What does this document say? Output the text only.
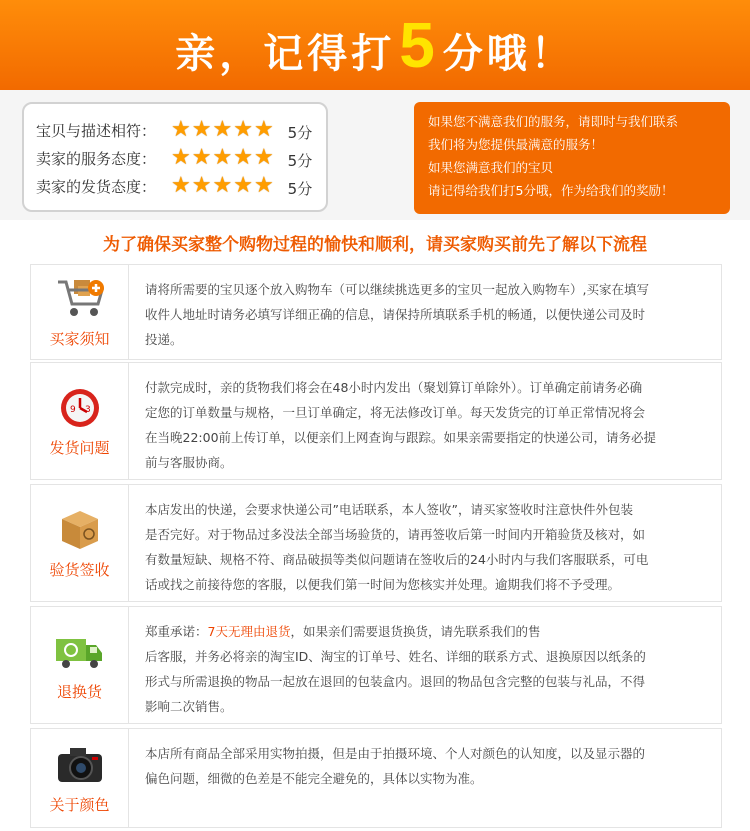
亲，记得打 5 分哦！
宝贝与描述相符： ★ ★ ★ ★ ★ 5分
卖家的服务态度： ★ ★ ★ ★ ★ 5分
卖家的发货态度： ★ ★ ★ ★ ★ 5分
如果您不满意我们的服务，请即时与我们联系
我们将为您提供最满意的服务！
如果您满意我们的宝贝
请记得给我们打5分哦，作为给我们的奖励！
为了确保买家整个购物过程的愉快和顺利，请买家购买前先了解以下流程
买家须知
请将所需要的宝贝逐个放入购物车（可以继续挑选更多的宝贝一起放入购物车）,买家在填写
收件人地址时请务必填写详细正确的信息，请保持所填联系手机的畅通，以便快递公司及时
投递。
9 3
发货问题
付款完成时，亲的货物我们将会在48小时内发出（聚划算订单除外）。订单确定前请务必确
定您的订单数量与规格，一旦订单确定，将无法修改订单。每天发货完的订单正常情况将会
在当晚22:00前上传订单，以便亲们上网查询与跟踪。如果亲需要指定的快递公司，请务必提
前与客服协商。
验货签收
本店发出的快递，会要求快递公司”电话联系，本人签收”，请买家签收时注意快件外包装
是否完好。对于物品过多没法全部当场验货的，请再签收后第一时间内开箱验货及核对，如
有数量短缺、规格不符、商品破损等类似问题请在签收后的24小时内与我们客服联系，可电
话或找之前接待您的客服，以便我们第一时间为您核实并处理。逾期我们将不予受理。
退换货
郑重承诺：7天无理由退货，如果亲们需要退货换货，请先联系我们的售
后客服，并务必将亲的淘宝ID、淘宝的订单号、姓名、详细的联系方式、退换原因以纸条的
形式与所需退换的物品一起放在退回的包装盒内。退回的物品包含完整的包装与礼品，不得
影响二次销售。
关于颜色
本店所有商品全部采用实物拍摄，但是由于拍摄环境、个人对颜色的认知度，以及显示器的
偏色问题，细微的色差是不能完全避免的，具体以实物为准。
